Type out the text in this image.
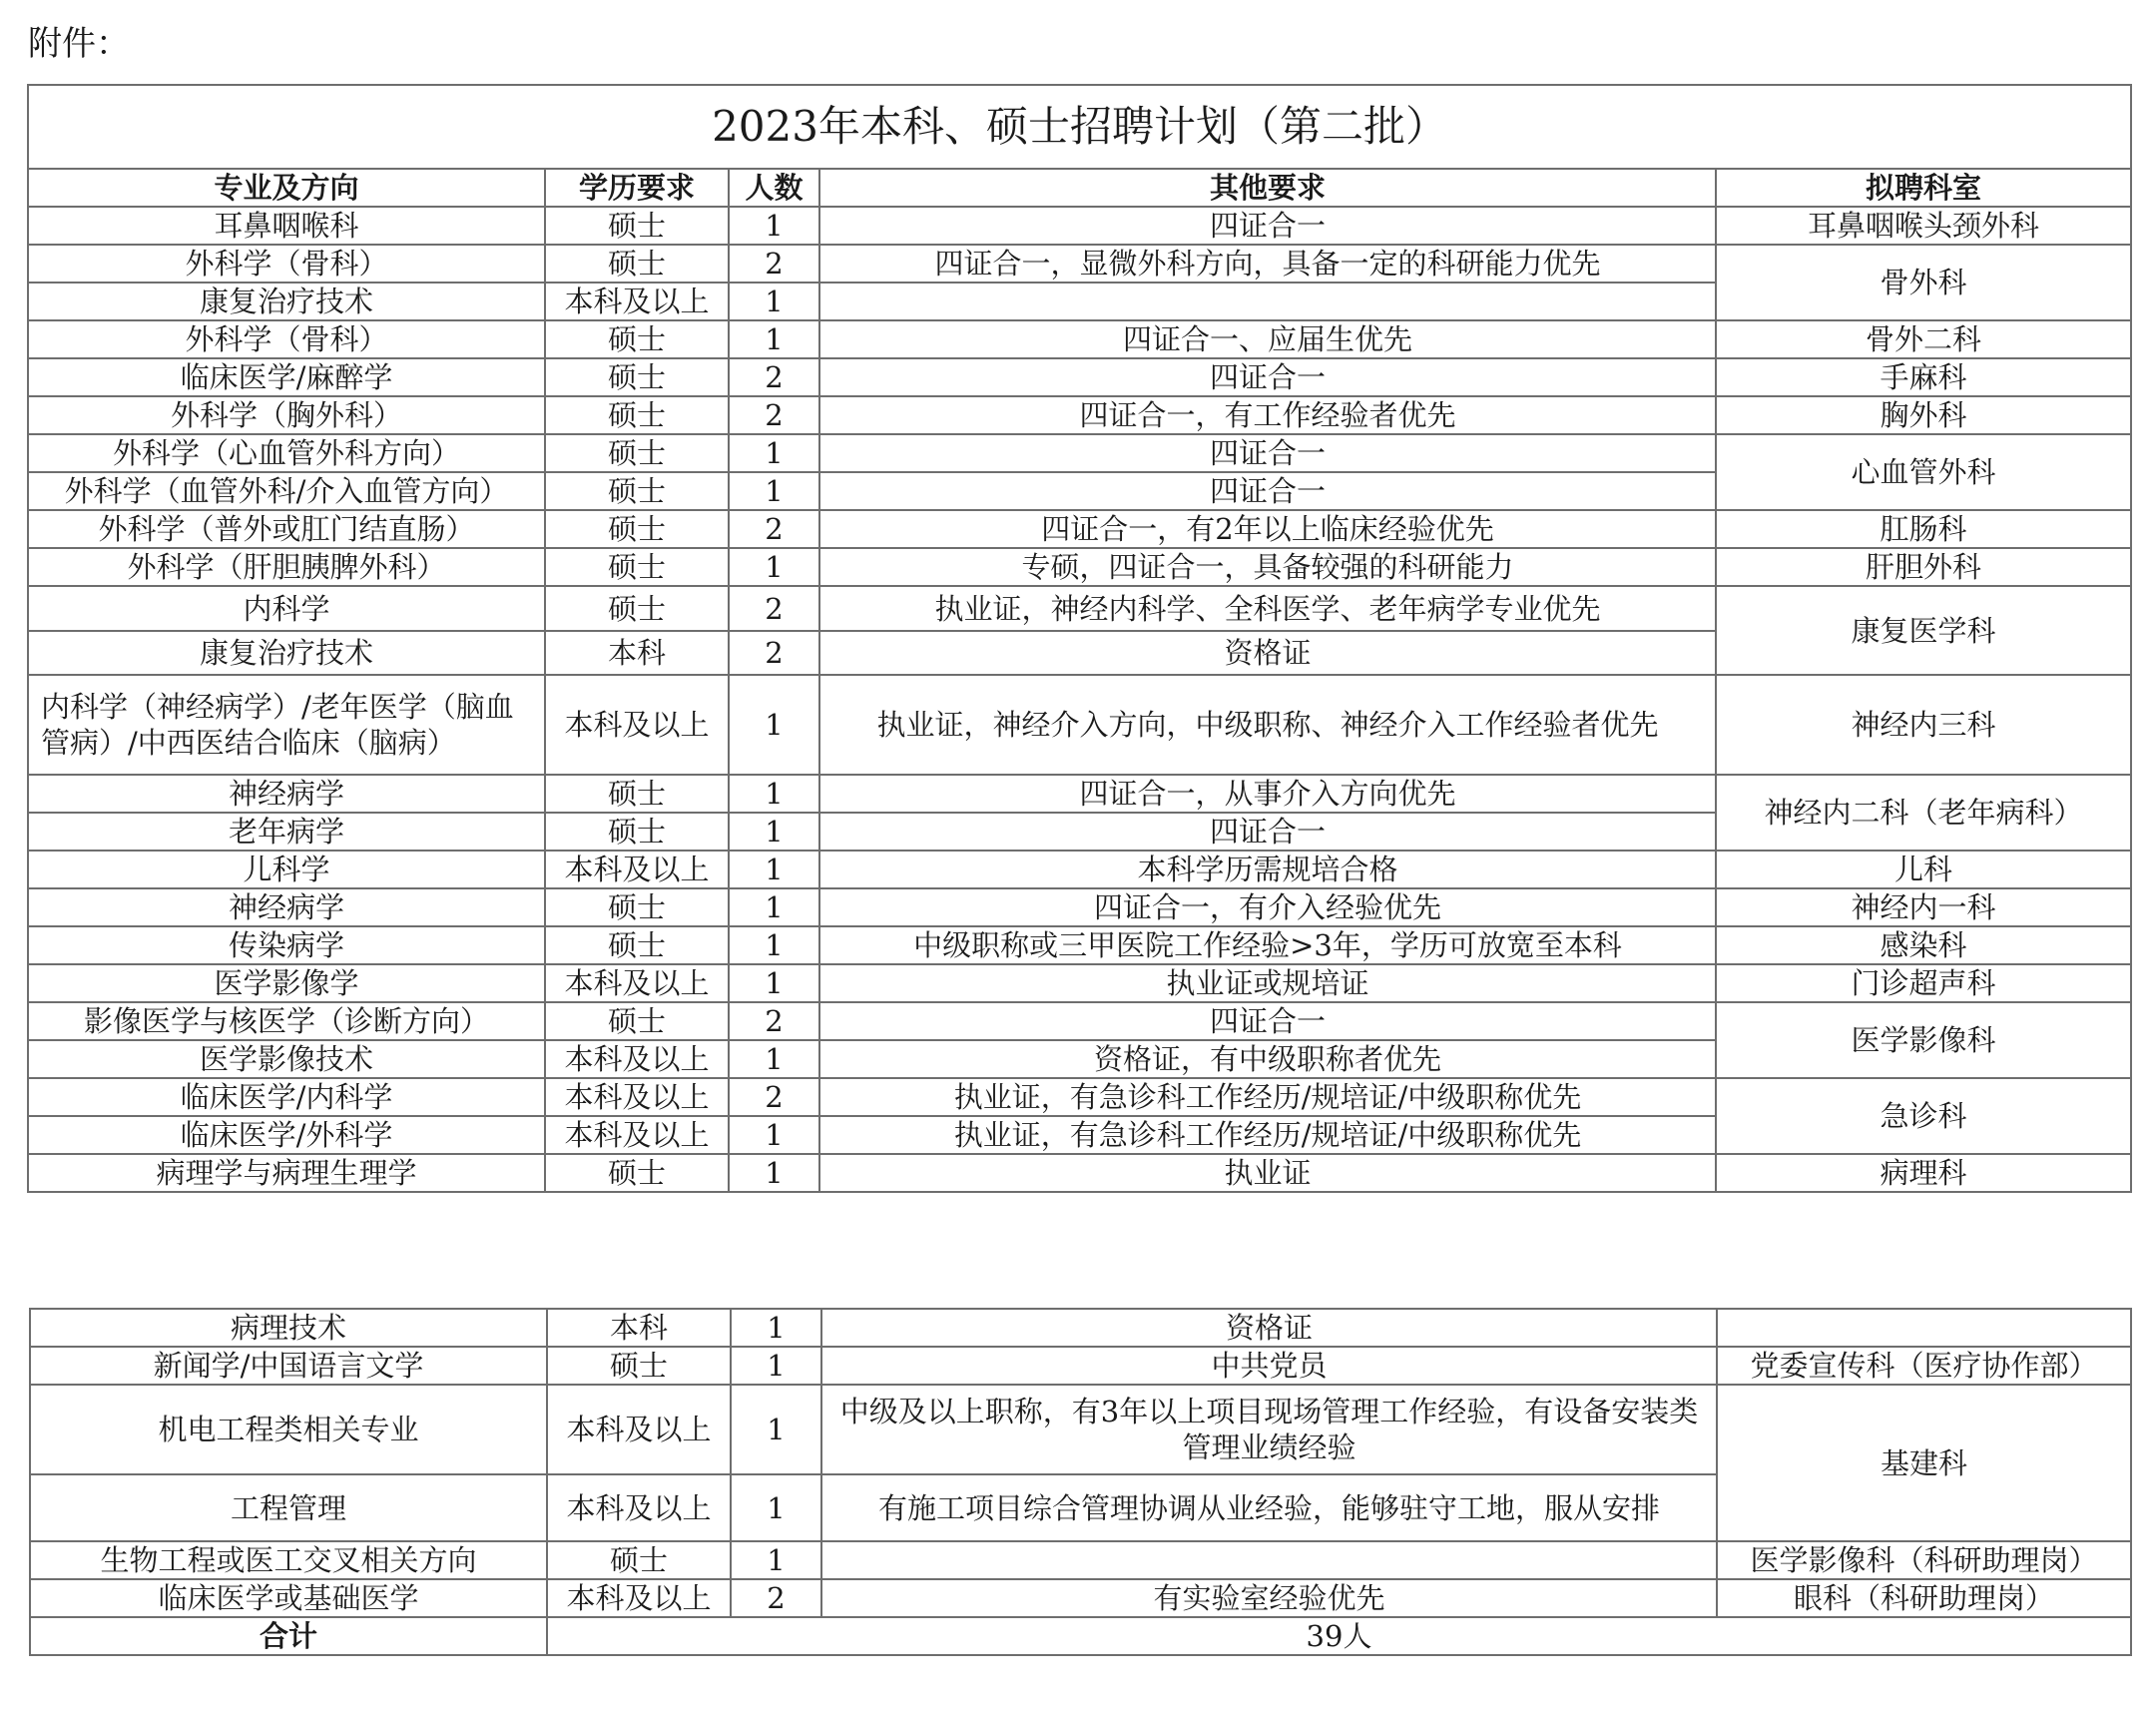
附件：
2023年本科、硕士招聘计划（第二批）				
专业及方向	学历要求	人数	其他要求	拟聘科室
耳鼻咽喉科	硕士	1	四证合一	耳鼻咽喉头颈外科
外科学（骨科）	硕士	2	四证合一，显微外科方向，具备一定的科研能力优先	骨外科
康复治疗技术	本科及以上	1		
外科学（骨科）	硕士	1	四证合一、应届生优先	骨外二科
临床医学/麻醉学	硕士	2	四证合一	手麻科
外科学（胸外科）	硕士	2	四证合一，有工作经验者优先	胸外科
外科学（心血管外科方向）	硕士	1	四证合一	心血管外科
外科学（血管外科/介入血管方向）	硕士	1	四证合一	
外科学（普外或肛门结直肠）	硕士	2	四证合一，有2年以上临床经验优先	肛肠科
外科学（肝胆胰脾外科）	硕士	1	专硕，四证合一，具备较强的科研能力	肝胆外科
内科学	硕士	2	执业证，神经内科学、全科医学、老年病学专业优先	康复医学科
康复治疗技术	本科	2	资格证	
内科学（神经病学）/老年医学（脑血管病）/中西医结合临床（脑病）	本科及以上	1	执业证，神经介入方向，中级职称、神经介入工作经验者优先	神经内三科
神经病学	硕士	1	四证合一，从事介入方向优先	神经内二科（老年病科）
老年病学	硕士	1	四证合一	
儿科学	本科及以上	1	本科学历需规培合格	儿科
神经病学	硕士	1	四证合一，有介入经验优先	神经内一科
传染病学	硕士	1	中级职称或三甲医院工作经验>3年，学历可放宽至本科	感染科
医学影像学	本科及以上	1	执业证或规培证	门诊超声科
影像医学与核医学（诊断方向）	硕士	2	四证合一	医学影像科
医学影像技术	本科及以上	1	资格证，有中级职称者优先	
临床医学/内科学	本科及以上	2	执业证，有急诊科工作经历/规培证/中级职称优先	急诊科
临床医学/外科学	本科及以上	1	执业证，有急诊科工作经历/规培证/中级职称优先	
病理学与病理生理学	硕士	1	执业证	病理科
病理技术	本科	1	资格证	
新闻学/中国语言文学	硕士	1	中共党员	党委宣传科（医疗协作部）
机电工程类相关专业	本科及以上	1	中级及以上职称，有3年以上项目现场管理工作经验，有设备安装类管理业绩经验	基建科
工程管理	本科及以上	1	有施工项目综合管理协调从业经验，能够驻守工地，服从安排	
生物工程或医工交叉相关方向	硕士	1		医学影像科（科研助理岗）
临床医学或基础医学	本科及以上	2	有实验室经验优先	眼科（科研助理岗）
合计	39人			
